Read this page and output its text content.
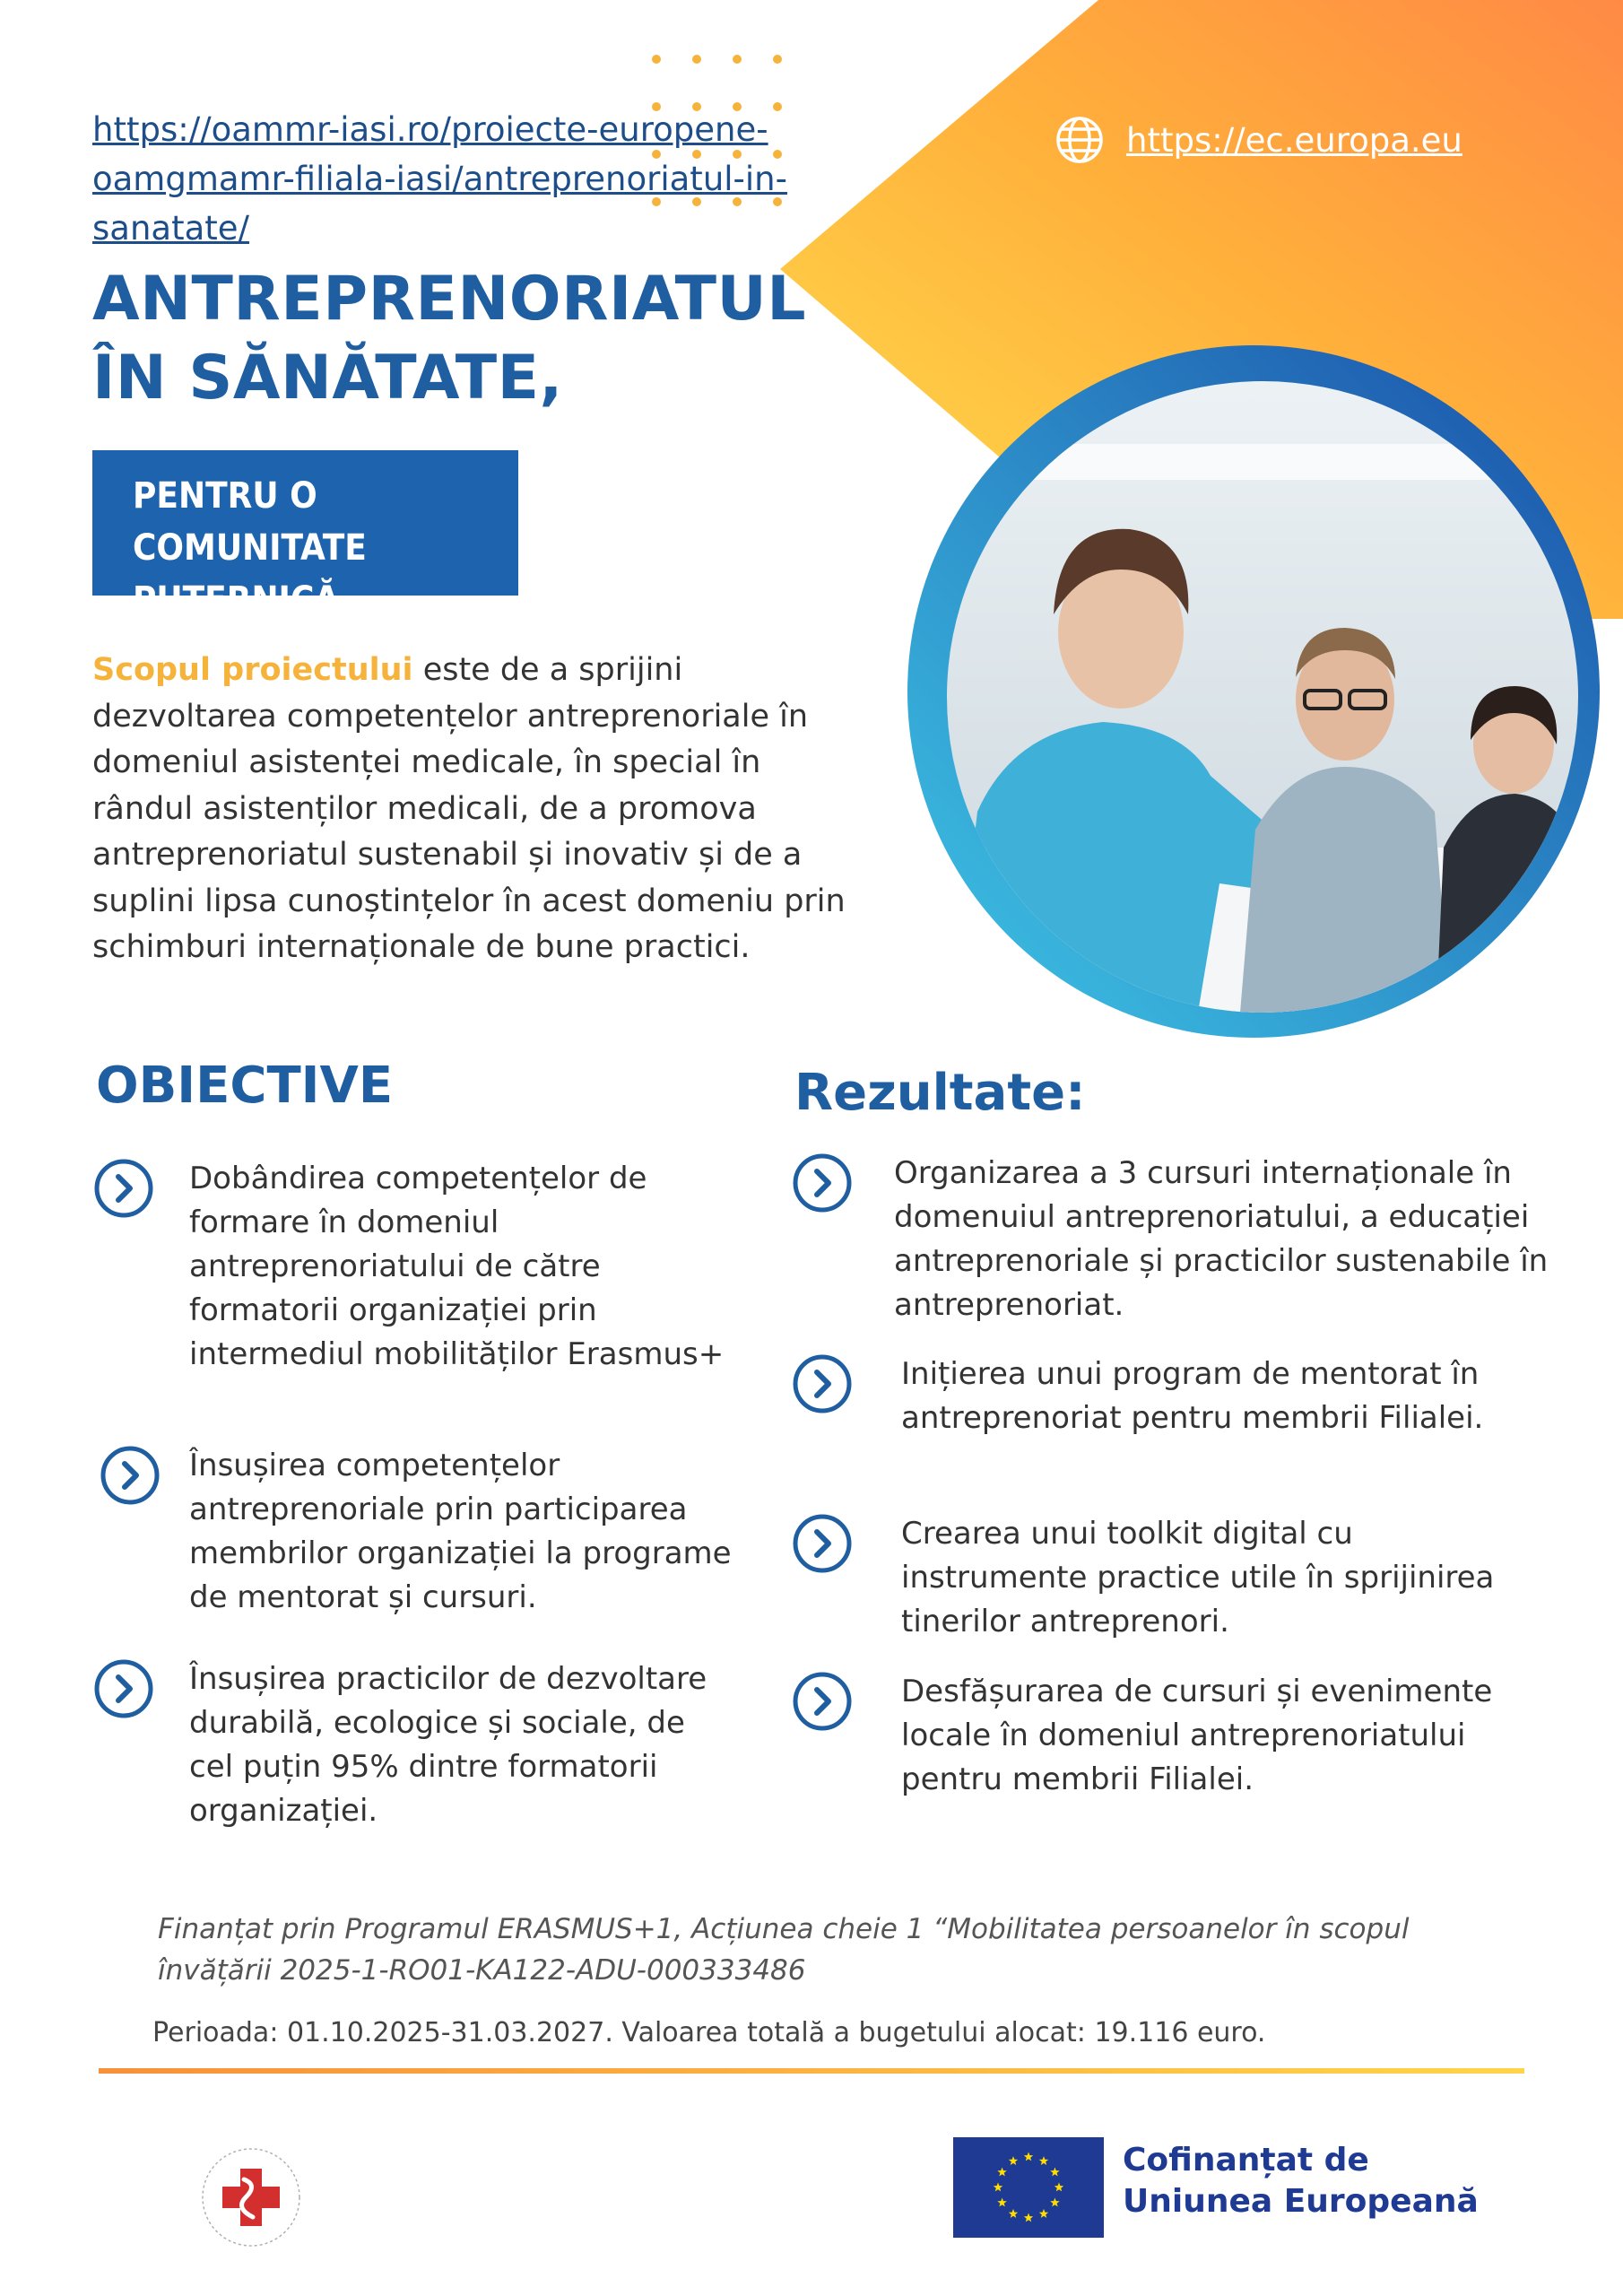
https://oammr-iasi.ro/proiecte-europene-
oamgmamr-filiala-iasi/antreprenoriatul-in-sanatate/
https://ec.europa.eu
ANTREPRENORIATUL
ÎN SĂNĂTATE,
PENTRU O COMUNITATE
PUTERNICĂ
Scopul proiectului este de a sprijini dezvoltarea competențelor antreprenoriale în domeniul asistenței medicale, în special în rândul asistenților medicali, de a promova antreprenoriatul sustenabil și inovativ și de a suplini lipsa cunoștințelor în acest domeniu prin schimburi internaționale de bune practici.
OBIECTIVE
Dobândirea competențelor de formare în domeniul antreprenoriatului de către formatorii organizației prin intermediul mobilităților Erasmus+
Însușirea competențelor antreprenoriale prin participarea membrilor organizației la programe de mentorat și cursuri.
Însușirea practicilor de dezvoltare durabilă, ecologice și sociale, de cel puțin 95% dintre formatorii organizației.
Rezultate:
Organizarea a 3 cursuri internaționale în domenuiul antreprenoriatului, a educației antreprenoriale și practicilor sustenabile în antreprenoriat.
Inițierea unui program de mentorat în antreprenoriat pentru membrii Filialei.
Crearea unui toolkit digital cu instrumente practice utile în sprijinirea tinerilor antreprenori.
Desfășurarea de cursuri și evenimente locale în domeniul antreprenoriatului pentru membrii Filialei.
Finanțat prin Programul ERASMUS+1, Acțiunea cheie 1 “Mobilitatea persoanelor în scopul învățării 2025-1-RO01-KA122-ADU-000333486
Perioada: 01.10.2025-31.03.2027. Valoarea totală a bugetului alocat: 19.116 euro.
Cofinanțat de
Uniunea Europeană
